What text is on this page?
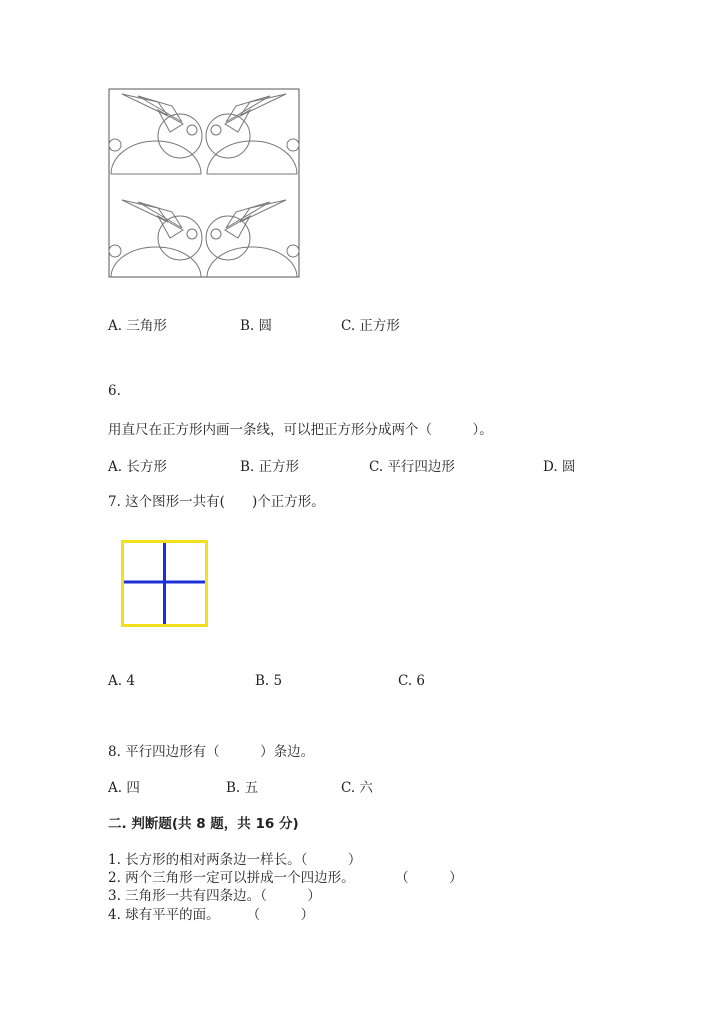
A. 三角形	B. 圆	C. 正方形
6.
用直尺在正方形内画一条线，可以把正方形分成两个（　　　）。
A. 长方形	B. 正方形	C. 平行四边形	D. 圆
7. 这个图形一共有(　　)个正方形。
A. 4	B. 5	C. 6
8. 平行四边形有（　　　）条边。
A. 四	B. 五	C. 六
二. 判断题(共 8 题，共 16 分)
1. 长方形的相对两条边一样长。（　　　）
2. 两个三角形一定可以拼成一个四边形。　　　　（　　　）
3. 三角形一共有四条边。（　　　）
4. 球有平平的面。　　　（　　　）
